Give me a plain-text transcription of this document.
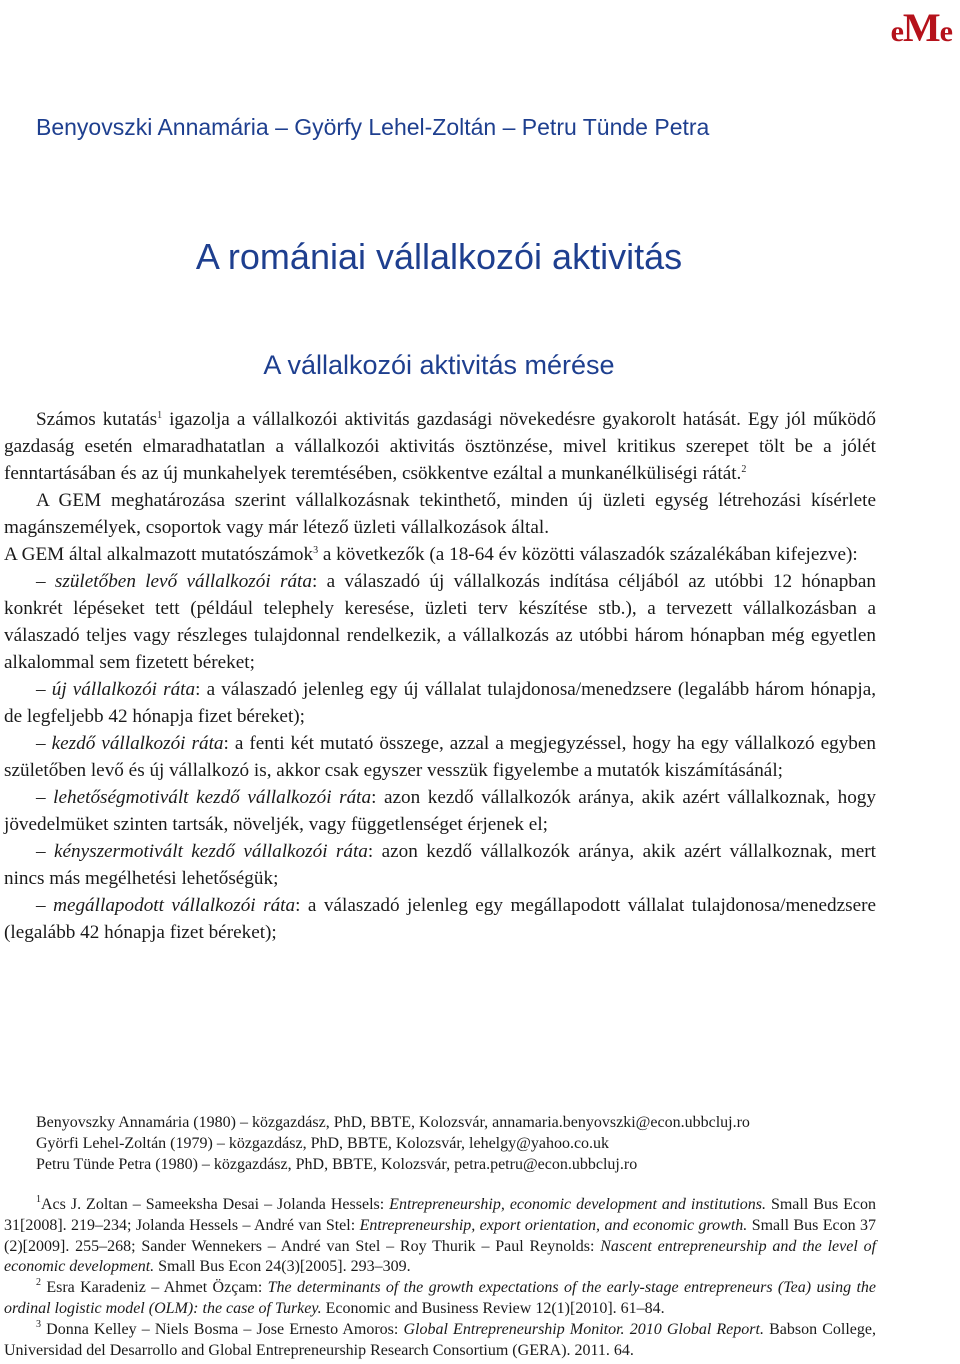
eMe
Benyovszki Annamária – Györfy Lehel-Zoltán – Petru Tünde Petra
A romániai vállalkozói aktivitás
A vállalkozói aktivitás mérése

Számos kutatás$^1$ igazolja a vállalkozói aktivitás gazdasági növekedésre gyakorolt hatását. Egy jól működő gazdaság esetén elmaradhatatlan a vállalkozói aktivitás ösztönzése, mivel kritikus szerepet tölt be a jólét fenntartásában és az új munkahelyek teremtésében, csökkentve ezáltal a munkanélküliségi rátát.$^2$

A GEM meghatározása szerint vállalkozásnak tekinthető, minden új üzleti egység létrehozási kísérlete magánszemélyek, csoportok vagy már létező üzleti vállalkozások által.

A GEM által alkalmazott mutatószámok$^3$ a következők (a 18-64 év közötti válaszadók százalékában kifejezve):

– születőben levő vállalkozói ráta: a válaszadó új vállalkozás indítása céljából az utóbbi 12 hónapban konkrét lépéseket tett (például telephely keresése, üzleti terv készítése stb.), a tervezett vállalkozásban a válaszadó teljes vagy részleges tulajdonnal rendelkezik, a vállalkozás az utóbbi három hónapban még egyetlen alkalommal sem fizetett béreket;

– új vállalkozói ráta: a válaszadó jelenleg egy új vállalat tulajdonosa/menedzsere (legalább három hónapja, de legfeljebb 42 hónapja fizet béreket);

– kezdő vállalkozói ráta: a fenti két mutató összege, azzal a megjegyzéssel, hogy ha egy vállalkozó egyben születőben levő és új vállalkozó is, akkor csak egyszer vesszük figyelembe a mutatók kiszámításánál;

– lehetőségmotivált kezdő vállalkozói ráta: azon kezdő vállalkozók aránya, akik azért vállalkoznak, hogy jövedelmüket szinten tartsák, növeljék, vagy függetlenséget érjenek el;

– kényszermotivált kezdő vállalkozói ráta: azon kezdő vállalkozók aránya, akik azért vállalkoznak, mert nincs más megélhetési lehetőségük;

– megállapodott vállalkozói ráta: a válaszadó jelenleg egy megállapodott vállalat tulajdonosa/menedzsere (legalább 42 hónapja fizet béreket);

Benyovszky Annamária (1980) – közgazdász, PhD, BBTE, Kolozsvár, annamaria.benyovszki@econ.ubbcluj.ro
Györfi Lehel-Zoltán (1979) – közgazdász, PhD, BBTE, Kolozsvár, lehelgy@yahoo.co.uk
Petru Tünde Petra (1980) – közgazdász, PhD, BBTE, Kolozsvár, petra.petru@econ.ubbcluj.ro

$^1$Acs J. Zoltan – Sameeksha Desai – Jolanda Hessels: Entrepreneurship, economic development and institutions. Small Bus Econ 31[2008]. 219–234; Jolanda Hessels – André van Stel: Entrepreneurship, export orientation, and economic growth. Small Bus Econ 37 (2)[2009]. 255–268; Sander Wennekers – André van Stel – Roy Thurik – Paul Reynolds: Nascent entrepreneurship and the level of economic development. Small Bus Econ 24(3)[2005]. 293–309.

$^2$ Esra Karadeniz – Ahmet Özçam: The determinants of the growth expectations of the early-stage entrepreneurs (Tea) using the ordinal logistic model (OLM): the case of Turkey. Economic and Business Review 12(1)[2010]. 61–84.

$^3$ Donna Kelley – Niels Bosma – Jose Ernesto Amoros: Global Entrepreneurship Monitor. 2010 Global Report. Babson College, Universidad del Desarrollo and Global Entrepreneurship Research Consortium (GERA). 2011. 64.
